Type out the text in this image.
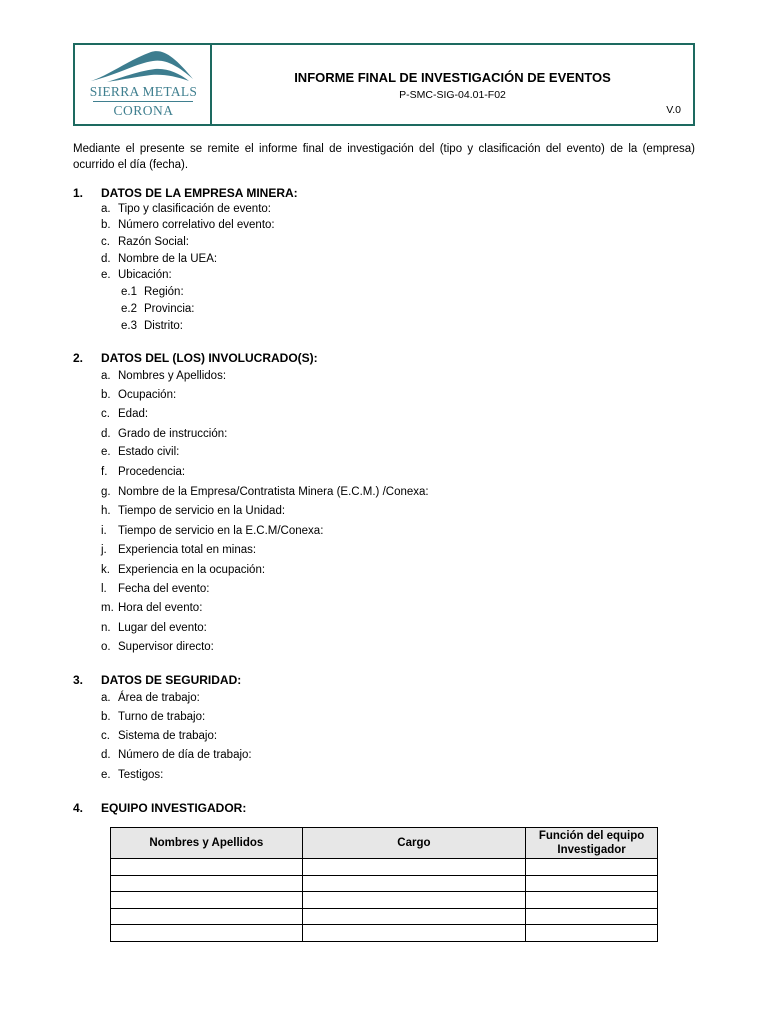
SIERRA METALS
CORONA
INFORME FINAL DE INVESTIGACIÓN DE EVENTOS
P-SMC-SIG-04.01-F02
V.0
Mediante el presente se remite el informe final de investigación del (tipo y clasificación del evento) de la (empresa) ocurrido el día (fecha).
1. DATOS DE LA EMPRESA MINERA:
a. Tipo y clasificación de evento:
b. Número correlativo del evento:
c. Razón Social:
d. Nombre de la UEA:
e. Ubicación:
e.1 Región:
e.2 Provincia:
e.3 Distrito:
2. DATOS DEL (LOS) INVOLUCRADO(S):
a. Nombres y Apellidos:
b. Ocupación:
c. Edad:
d. Grado de instrucción:
e. Estado civil:
f. Procedencia:
g. Nombre de la Empresa/Contratista Minera (E.C.M.) /Conexa:
h. Tiempo de servicio en la Unidad:
i. Tiempo de servicio en la E.C.M/Conexa:
j. Experiencia total en minas:
k. Experiencia en la ocupación:
l. Fecha del evento:
m. Hora del evento:
n. Lugar del evento:
o. Supervisor directo:
3. DATOS DE SEGURIDAD:
a. Área de trabajo:
b. Turno de trabajo:
c. Sistema de trabajo:
d. Número de día de trabajo:
e. Testigos:
4. EQUIPO INVESTIGADOR:
Nombres y Apellidos	Cargo	Función del equipo Investigador
